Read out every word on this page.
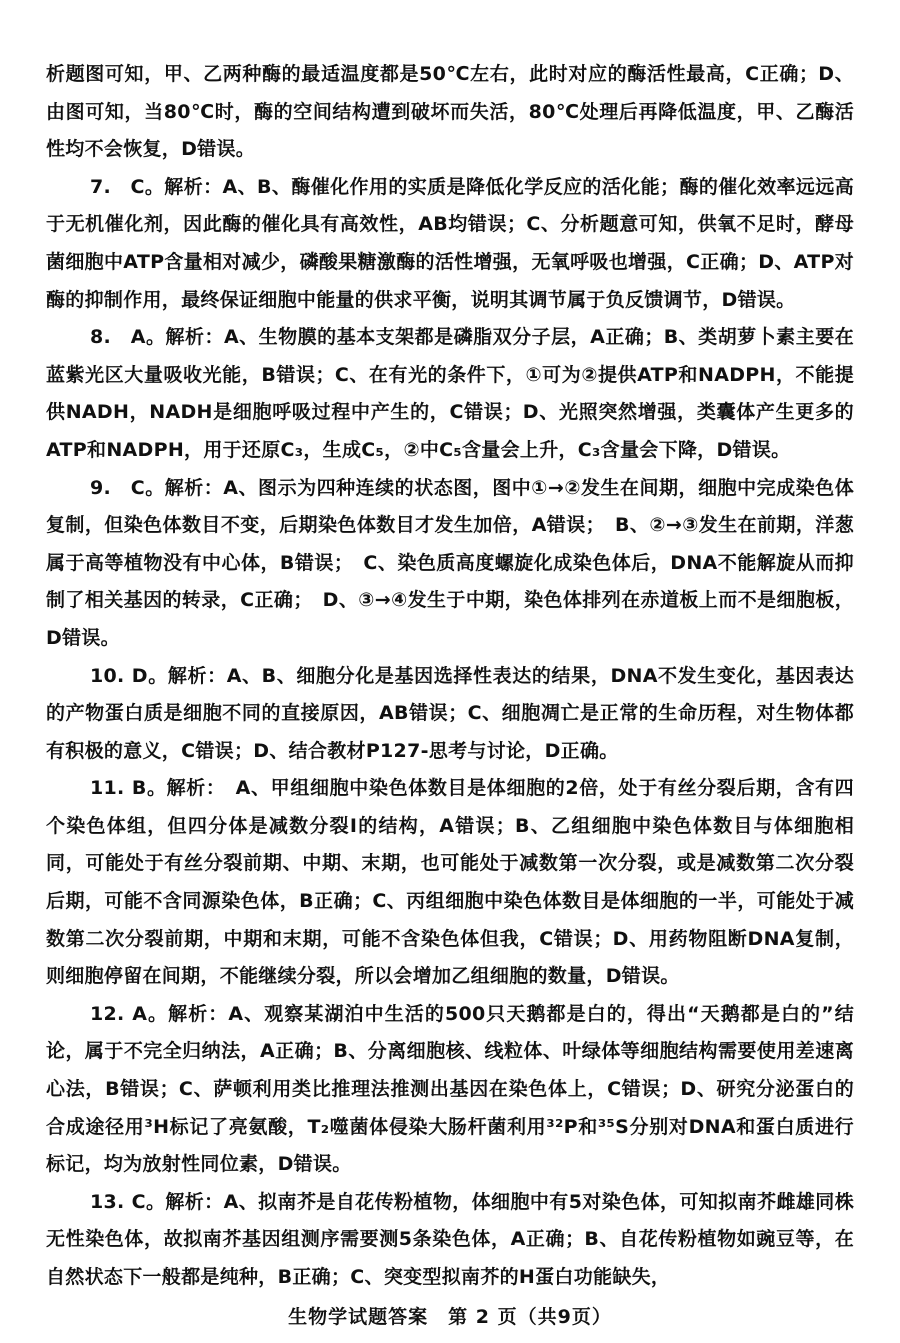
析题图可知，甲、乙两种酶的最适温度都是50℃左右，此时对应的酶活性最高，C正确；D、由图可知，当80℃时，酶的空间结构遭到破坏而失活，80℃处理后再降低温度，甲、乙酶活性均不会恢复，D错误。

7.　C。解析：A、B、酶催化作用的实质是降低化学反应的活化能；酶的催化效率远远高于无机催化剂，因此酶的催化具有高效性，AB均错误；C、分析题意可知，供氧不足时，酵母菌细胞中ATP含量相对减少，磷酸果糖激酶的活性增强，无氧呼吸也增强，C正确；D、ATP对酶的抑制作用，最终保证细胞中能量的供求平衡，说明其调节属于负反馈调节，D错误。

8.　A。解析：A、生物膜的基本支架都是磷脂双分子层，A正确；B、类胡萝卜素主要在蓝紫光区大量吸收光能，B错误；C、在有光的条件下，①可为②提供ATP和NADPH，不能提供NADH，NADH是细胞呼吸过程中产生的，C错误；D、光照突然增强，类囊体产生更多的ATP和NADPH，用于还原C₃，生成C₅，②中C₅含量会上升，C₃含量会下降，D错误。

9.　C。解析：A、图示为四种连续的状态图，图中①→②发生在间期，细胞中完成染色体复制，但染色体数目不变，后期染色体数目才发生加倍，A错误；　B、②→③发生在前期，洋葱属于高等植物没有中心体，B错误；　C、染色质高度螺旋化成染色体后，DNA不能解旋从而抑制了相关基因的转录，C正确；　D、③→④发生于中期，染色体排列在赤道板上而不是细胞板，D错误。

10. D。解析：A、B、细胞分化是基因选择性表达的结果，DNA不发生变化，基因表达的产物蛋白质是细胞不同的直接原因，AB错误；C、细胞凋亡是正常的生命历程，对生物体都有积极的意义，C错误；D、结合教材P127-思考与讨论，D正确。

11. B。解析：　A、甲组细胞中染色体数目是体细胞的2倍，处于有丝分裂后期，含有四个染色体组，但四分体是减数分裂Ⅰ的结构，A错误；B、乙组细胞中染色体数目与体细胞相同，可能处于有丝分裂前期、中期、末期，也可能处于减数第一次分裂，或是减数第二次分裂后期，可能不含同源染色体，B正确；C、丙组细胞中染色体数目是体细胞的一半，可能处于减数第二次分裂前期，中期和末期，可能不含染色体但我，C错误；D、用药物阻断DNA复制，则细胞停留在间期，不能继续分裂，所以会增加乙组细胞的数量，D错误。

12. A。解析：A、观察某湖泊中生活的500只天鹅都是白的，得出“天鹅都是白的”结论，属于不完全归纳法，A正确；B、分离细胞核、线粒体、叶绿体等细胞结构需要使用差速离心法，B错误；C、萨顿利用类比推理法推测出基因在染色体上，C错误；D、研究分泌蛋白的合成途径用³H标记了亮氨酸，T₂噬菌体侵染大肠杆菌利用³²P和³⁵S分别对DNA和蛋白质进行标记，均为放射性同位素，D错误。

13. C。解析：A、拟南芥是自花传粉植物，体细胞中有5对染色体，可知拟南芥雌雄同株无性染色体，故拟南芥基因组测序需要测5条染色体，A正确；B、自花传粉植物如豌豆等，在自然状态下一般都是纯种，B正确；C、突变型拟南芥的H蛋白功能缺失，

生物学试题答案　第 2 页（共9页）
